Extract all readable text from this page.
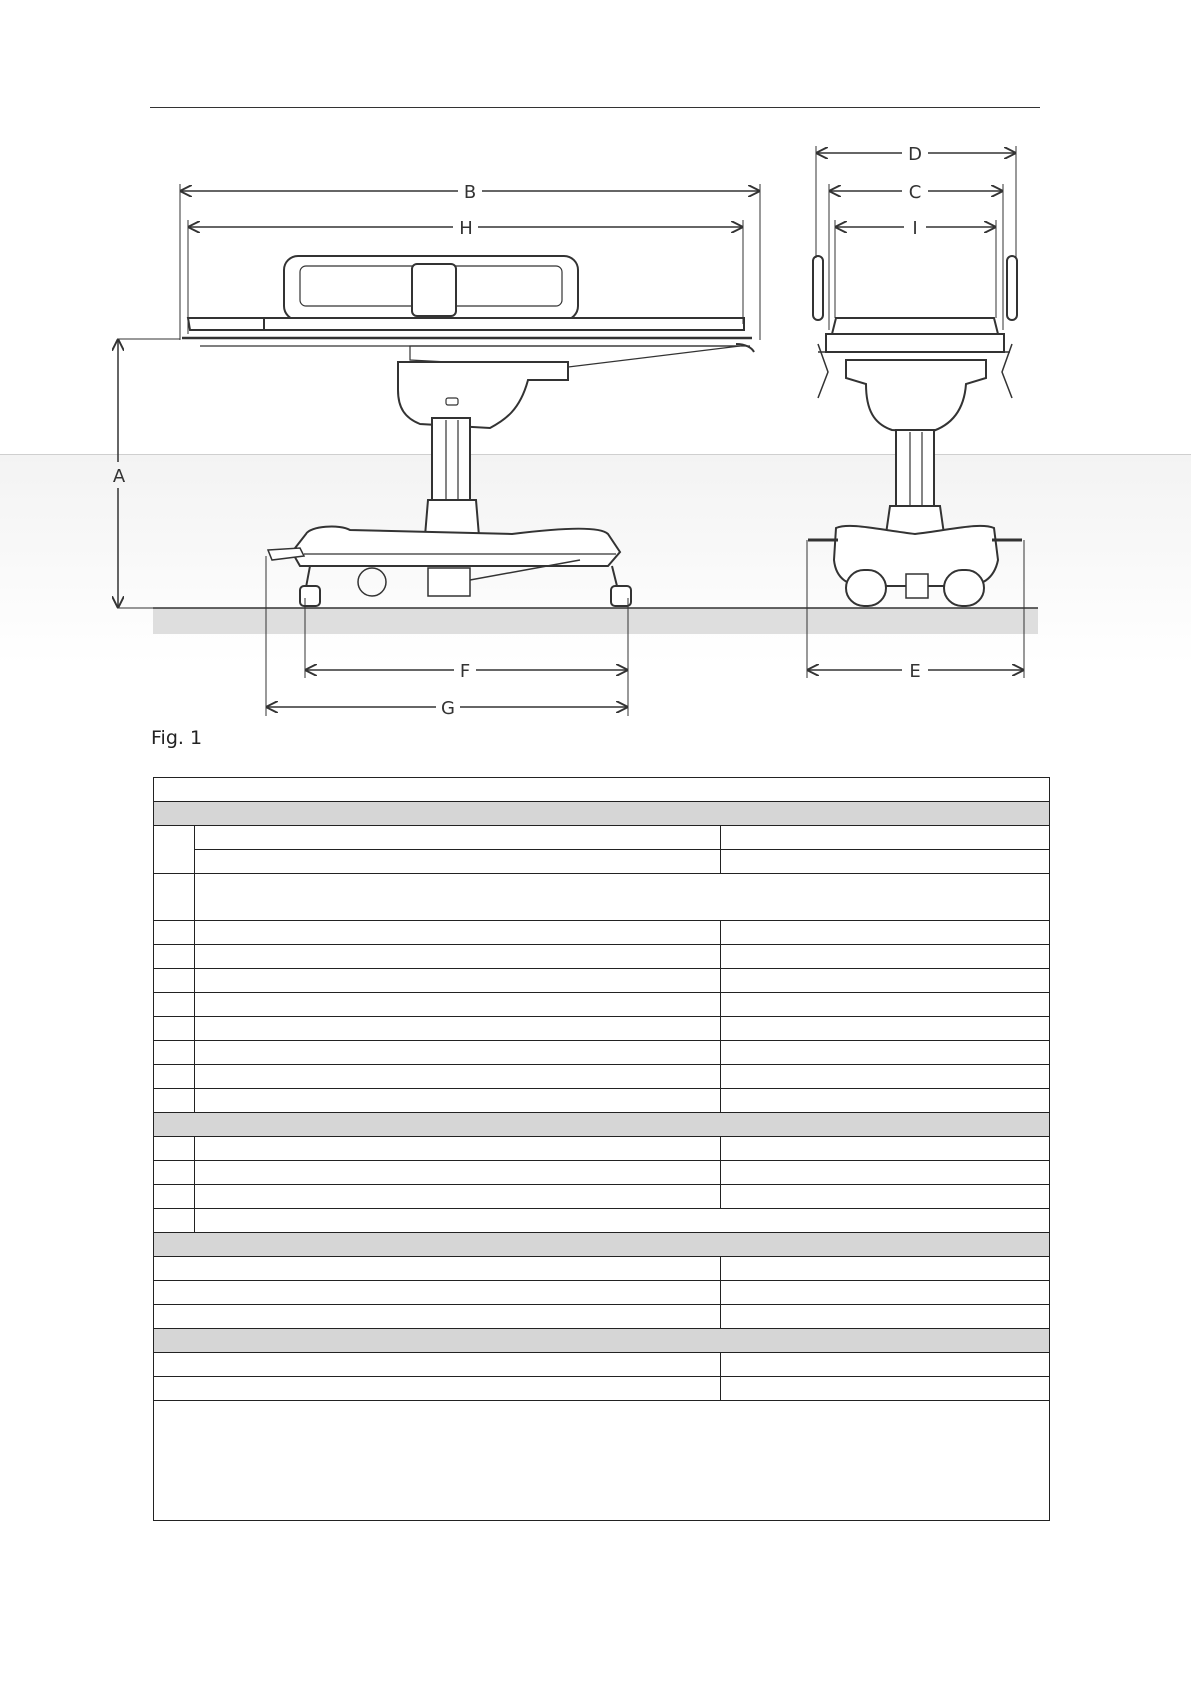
B
H
A
F
G
D
C
I
E
Fig. 1
